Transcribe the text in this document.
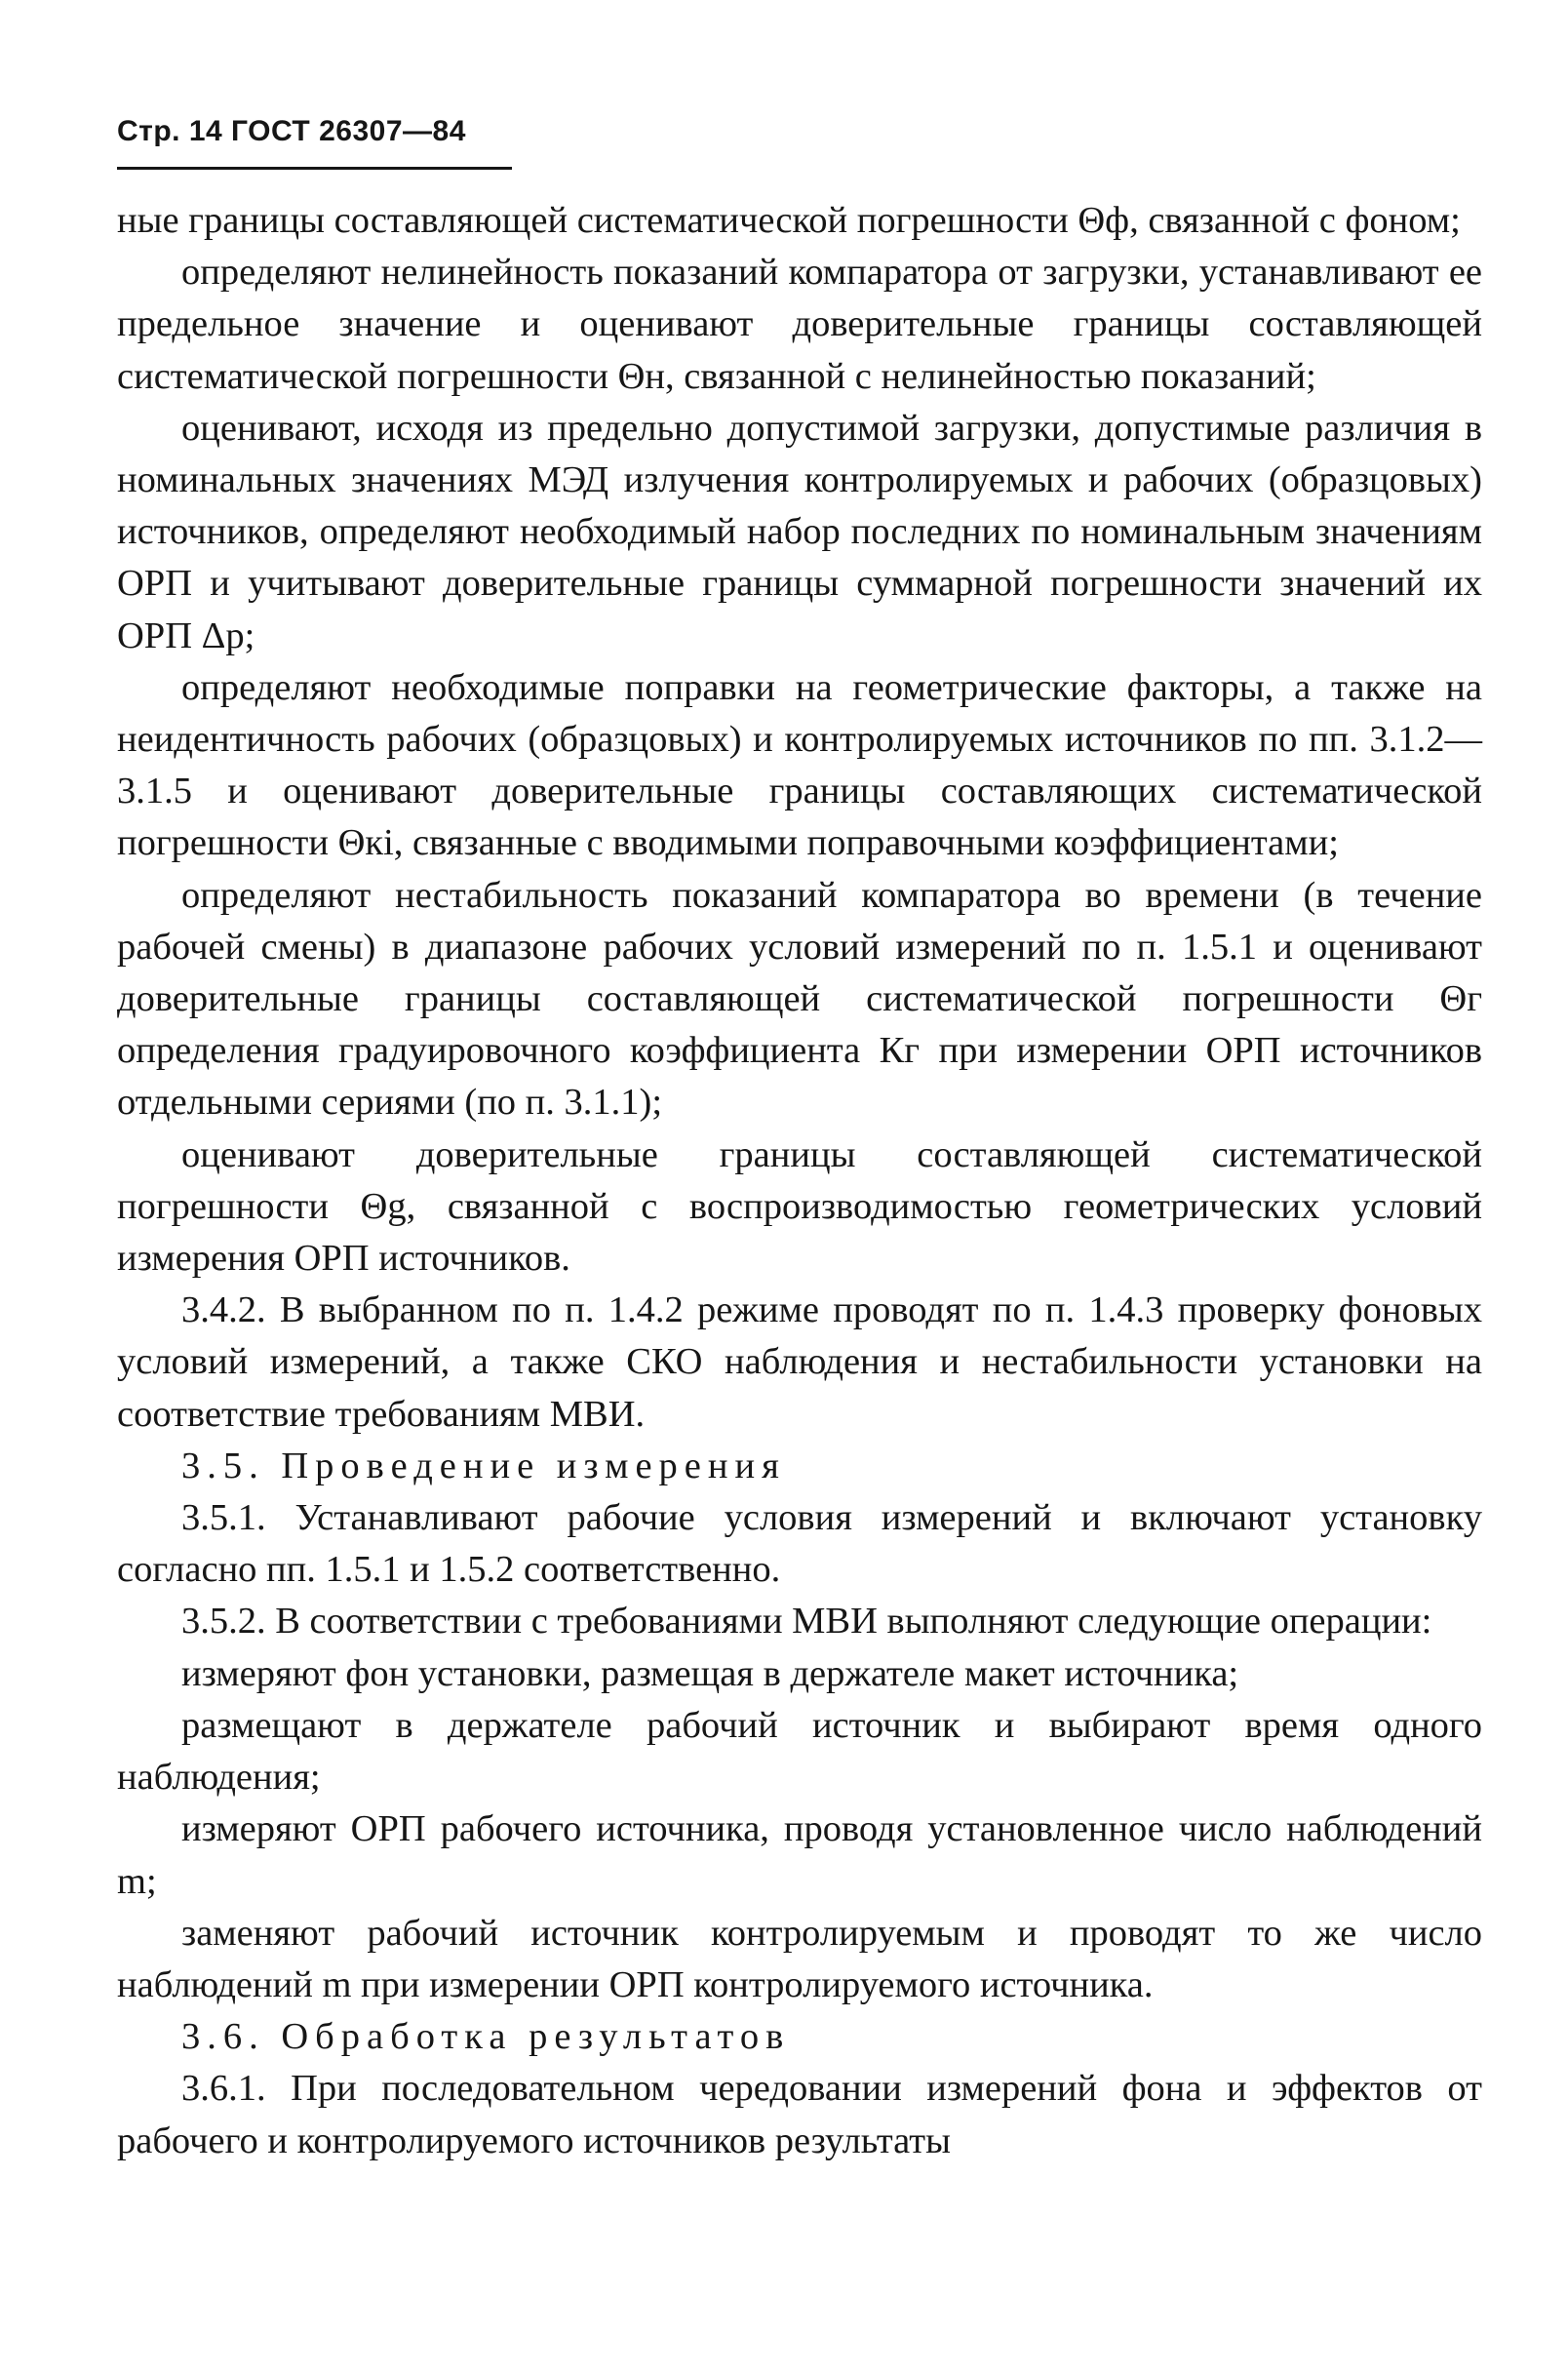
Стр. 14 ГОСТ 26307—84

ные границы составляющей систематической погрешности Θф, связанной с фоном;

определяют нелинейность показаний компаратора от загрузки, устанавливают ее предельное значение и оценивают доверительные границы составляющей систематической погрешности Θн, связанной с нелинейностью показаний;

оценивают, исходя из предельно допустимой загрузки, допустимые различия в номинальных значениях МЭД излучения контролируемых и рабочих (образцовых) источников, определяют необходимый набор последних по номинальным значениям ОРП и учитывают доверительные границы суммарной погрешности значений их ОРП Δр;

определяют необходимые поправки на геометрические факторы, а также на неидентичность рабочих (образцовых) и контролируемых источников по пп. 3.1.2—3.1.5 и оценивают доверительные границы составляющих систематической погрешности Θкi, связанные с вводимыми поправочными коэффициентами;

определяют нестабильность показаний компаратора во времени (в течение рабочей смены) в диапазоне рабочих условий измерений по п. 1.5.1 и оценивают доверительные границы составляющей систематической погрешности Θг определения градуировочного коэффициента Кг при измерении ОРП источников отдельными сериями (по п. 3.1.1);

оценивают доверительные границы составляющей систематической погрешности Θg, связанной с воспроизводимостью геометрических условий измерения ОРП источников.

3.4.2. В выбранном по п. 1.4.2 режиме проводят по п. 1.4.3 проверку фоновых условий измерений, а также СКО наблюдения и нестабильности установки на соответствие требованиям МВИ.

3.5. Проведение измерения

3.5.1. Устанавливают рабочие условия измерений и включают установку согласно пп. 1.5.1 и 1.5.2 соответственно.

3.5.2. В соответствии с требованиями МВИ выполняют следующие операции:

измеряют фон установки, размещая в держателе макет источника;

размещают в держателе рабочий источник и выбирают время одного наблюдения;

измеряют ОРП рабочего источника, проводя установленное число наблюдений m;

заменяют рабочий источник контролируемым и проводят то же число наблюдений m при измерении ОРП контролируемого источника.

3.6. Обработка результатов

3.6.1. При последовательном чередовании измерений фона и эффектов от рабочего и контролируемого источников результаты
